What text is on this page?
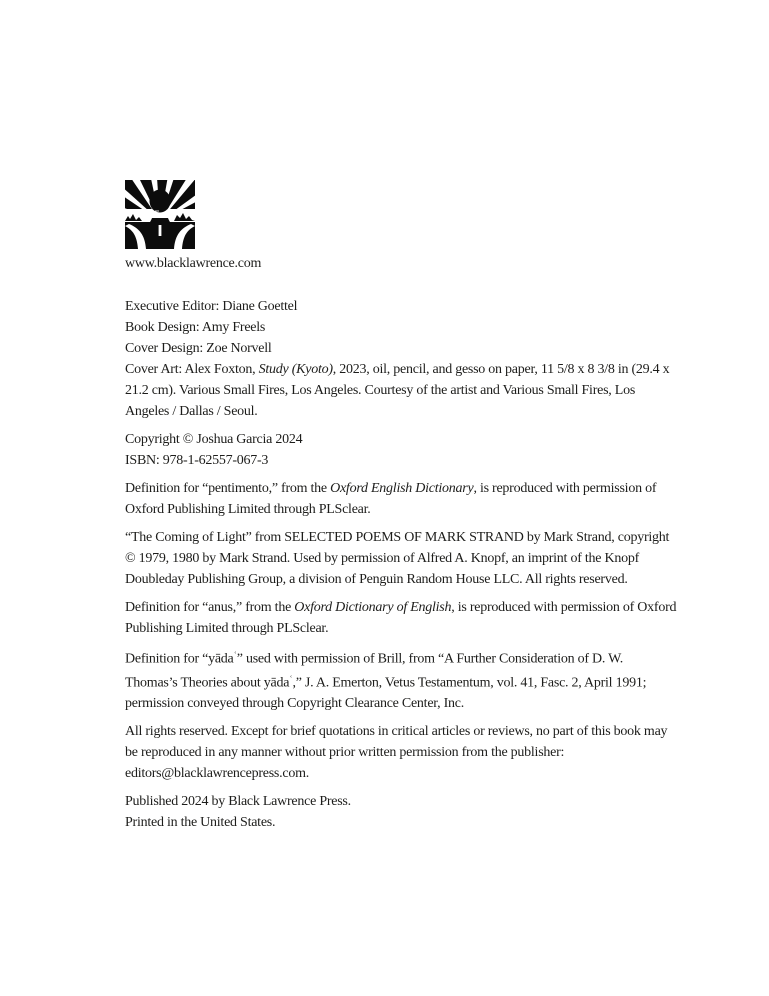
www.blacklawrence.com
Executive Editor: Diane Goettel
Book Design: Amy Freels
Cover Design: Zoe Norvell
Cover Art: Alex Foxton, Study (Kyoto), 2023, oil, pencil, and gesso on paper, 11 5/8 x 8 3/8 in (29.4 x 21.2 cm). Various Small Fires, Los Angeles. Courtesy of the artist and Various Small Fires, Los Angeles / Dallas / Seoul.
Copyright © Joshua Garcia 2024
ISBN: 978-1-62557-067-3

Definition for “pentimento,” from the Oxford English Dictionary, is reproduced with permission of Oxford Publishing Limited through PLSclear.

“The Coming of Light” from SELECTED POEMS OF MARK STRAND by Mark Strand, copyright © 1979, 1980 by Mark Strand. Used by permission of Alfred A. Knopf, an imprint of the Knopf Doubleday Publishing Group, a division of Penguin Random House LLC. All rights reserved.

Definition for “anus,” from the Oxford Dictionary of English, is reproduced with permission of Oxford Publishing Limited through PLSclear.

Definition for “yāda$^ʿ$” used with permission of Brill, from “A Further Consideration of D. W. Thomas’s Theories about yāda$^ʿ$,” J. A. Emerton, Vetus Testamentum, vol. 41, Fasc. 2, April 1991; permission conveyed through Copyright Clearance Center, Inc.

All rights reserved. Except for brief quotations in critical articles or reviews, no part of this book may be reproduced in any manner without prior written permission from the publisher: editors@blacklawrencepress.com.

Published 2024 by Black Lawrence Press.
Printed in the United States.
